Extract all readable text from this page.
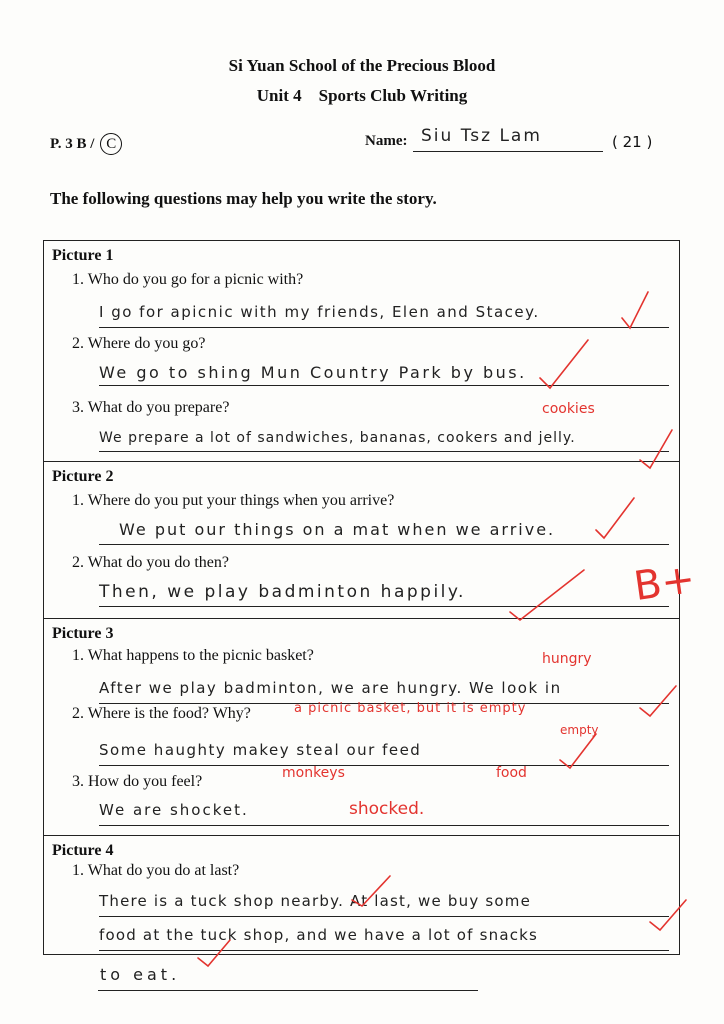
Si Yuan School of the Precious Blood
Unit 4    Sports Club Writing
P. 3 B / C	Name: Siu Tsz Lam	( 21 )
The following questions may help you write the story.
Picture 1
1. Who do you go for a picnic with?
I go for apicnic with my friends, Elen and Stacey.
2. Where do you go?
We go to shing Mun Country Park by bus.
3. What do you prepare?
We prepare a lot of sandwiches, bananas, cookers and jelly.
cookies
Picture 2
1. Where do you put your things when you arrive?
We put our things on a mat when we arrive.
2. What do you do then?
Then, we play badminton happily.	B+
Picture 3
1. What happens to the picnic basket?
After we play badminton, we are hungry. We look in
hungry
2. Where is the food? Why?	a picnic basket, but it is empty
empty
Some haughty makey steal our feed
monkeys	food
3. How do you feel?
We are shocket.	shocked.
Picture 4
1. What do you do at last?
There is a tuck shop nearby. At last, we buy some
food at the tuck shop, and we have a lot of snacks
to eat.
